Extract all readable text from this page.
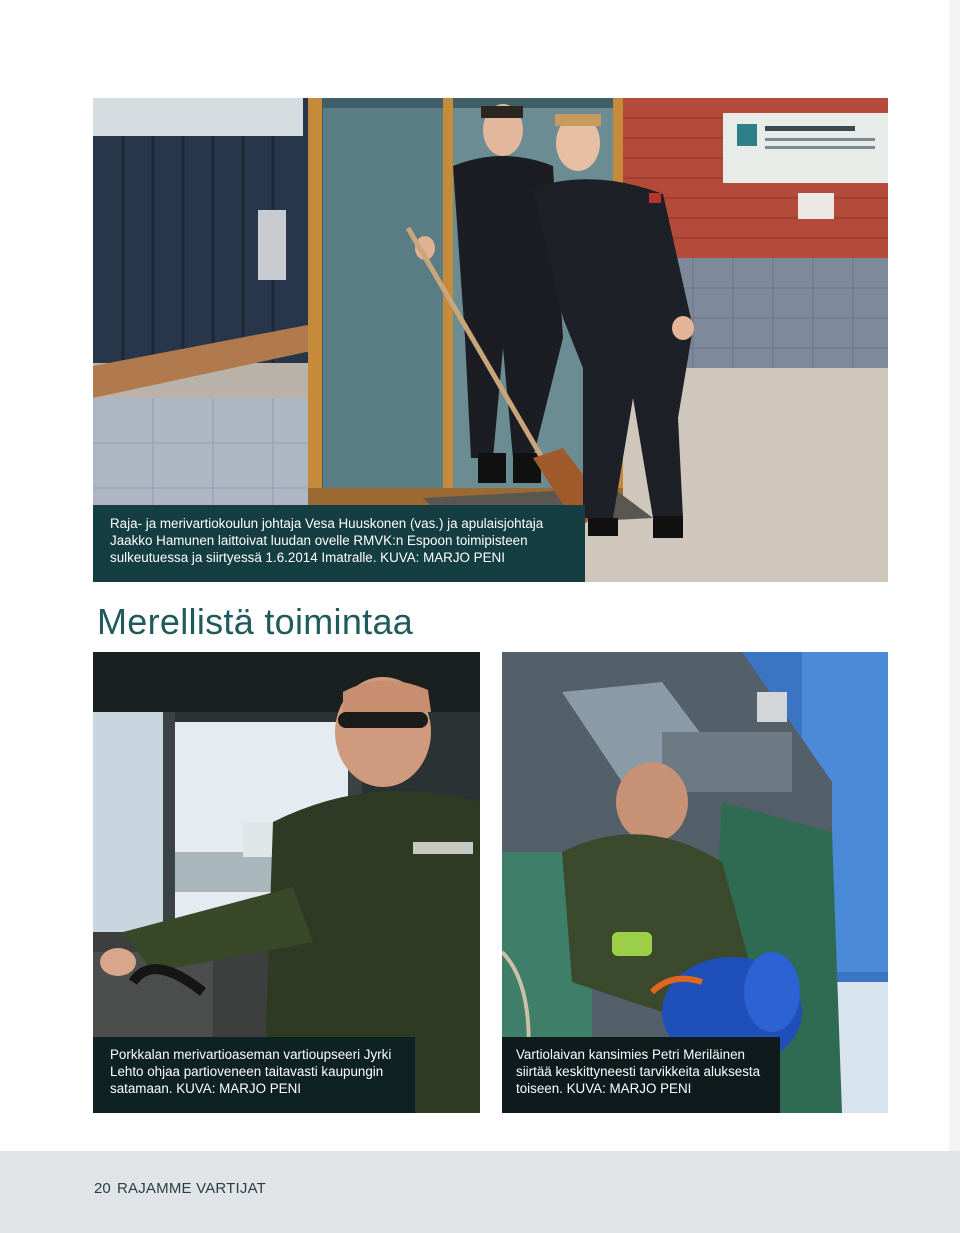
Raja- ja merivartiokoulun johtaja Vesa Huuskonen (vas.) ja apulaisjohtaja
Jaakko Hamunen laittoivat luudan ovelle RMVK:n Espoon toimipisteen
sulkeutuessa ja siirtyessä 1.6.2014 Imatralle. KUVA: MARJO PENI
Merellistä toimintaa
Porkkalan merivartioaseman vartioupseeri Jyrki
Lehto ohjaa partioveneen taitavasti kaupungin
satamaan. KUVA: MARJO PENI
Vartiolaivan kansimies Petri Meriläinen
siirtää keskittyneesti tarvikkeita aluksesta
toiseen. KUVA: MARJO PENI
20 RAJAMME VARTIJAT
